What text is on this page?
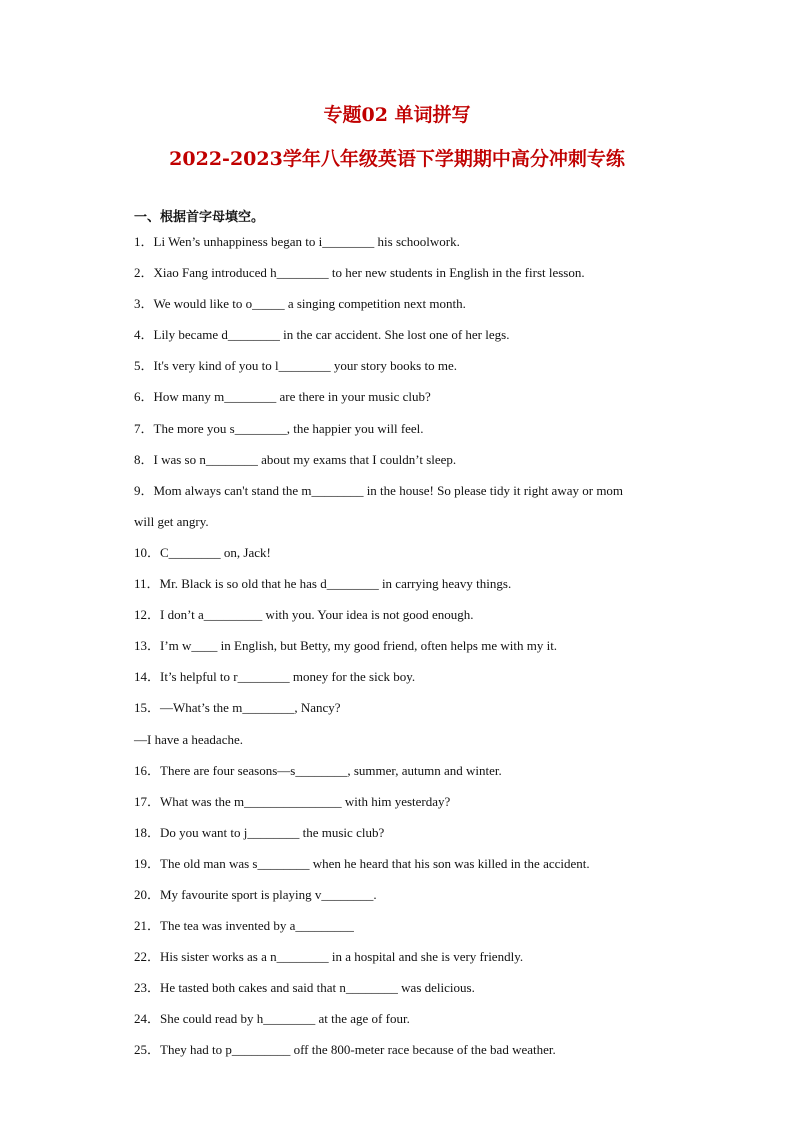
专题02 单词拼写
2022-2023学年八年级英语下学期期中高分冲刺专练
一、根据首字母填空。
1．Li Wen’s unhappiness began to i________ his schoolwork.
2．Xiao Fang introduced h________ to her new students in English in the first lesson.
3．We would like to o_____ a singing competition next month.
4．Lily became d________ in the car accident. She lost one of her legs.
5．It's very kind of you to l________ your story books to me.
6．How many m________ are there in your music club?
7．The more you s________, the happier you will feel.
8．I was so n________ about my exams that I couldn’t sleep.
9．Mom always can't stand the m________ in the house! So please tidy it right away or mom
will get angry.
10．C________ on, Jack!
11．Mr. Black is so old that he has d________ in carrying heavy things.
12．I don’t a_________ with you. Your idea is not good enough.
13．I’m w____ in English, but Betty, my good friend, often helps me with my it.
14．It’s helpful to r________ money for the sick boy.
15．—What’s the m________, Nancy?
—I have a headache.
16．There are four seasons—s________, summer, autumn and winter.
17．What was the m_______________ with him yesterday?
18．Do you want to j________ the music club?
19．The old man was s________ when he heard that his son was killed in the accident.
20．My favourite sport is playing v________.
21．The tea was invented by a_________
22．His sister works as a n________ in a hospital and she is very friendly.
23．He tasted both cakes and said that n________ was delicious.
24．She could read by h________ at the age of four.
25．They had to p_________ off the 800-meter race because of the bad weather.
